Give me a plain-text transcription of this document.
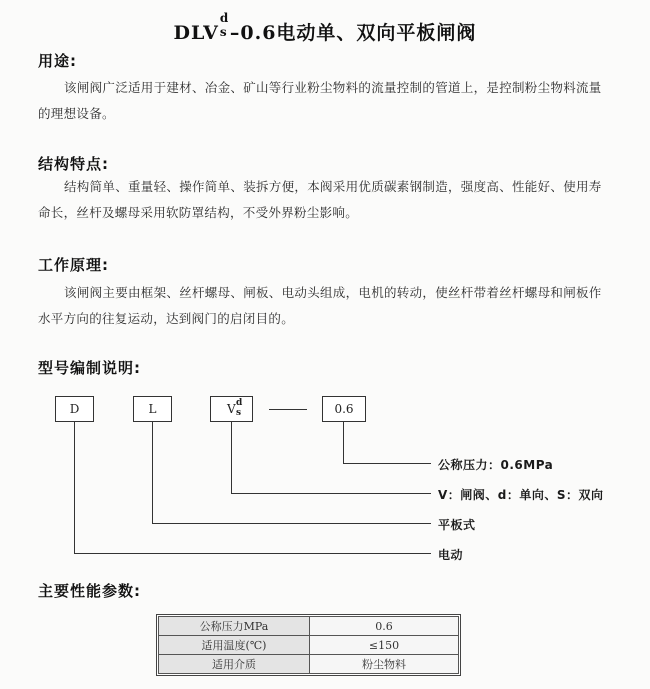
DLV
d
s –0.6电动单、双向平板闸阀
用途:
该闸阀广泛适用于建材、冶金、矿山等行业粉尘物料的流量控制的管道上，是控制粉尘物料流量的理想设备。
结构特点:
结构简单、重量轻、操作简单、装拆方便，本阀采用优质碳素钢制造，强度高、性能好、使用寿命长，丝杆及螺母采用软防罩结构，不受外界粉尘影响。
工作原理:
该闸阀主要由框架、丝杆螺母、闸板、电动头组成，电机的转动，使丝杆带着丝杆螺母和闸板作水平方向的往复运动，达到阀门的启闭目的。
型号编制说明:
D	L	V d
s	0.6
公称压力：0.6MPa
V：闸阀、d：单向、S：双向
平板式
电动
主要性能参数:
公称压力MPa	0.6
适用温度(℃)	≤150
适用介质	粉尘物料
